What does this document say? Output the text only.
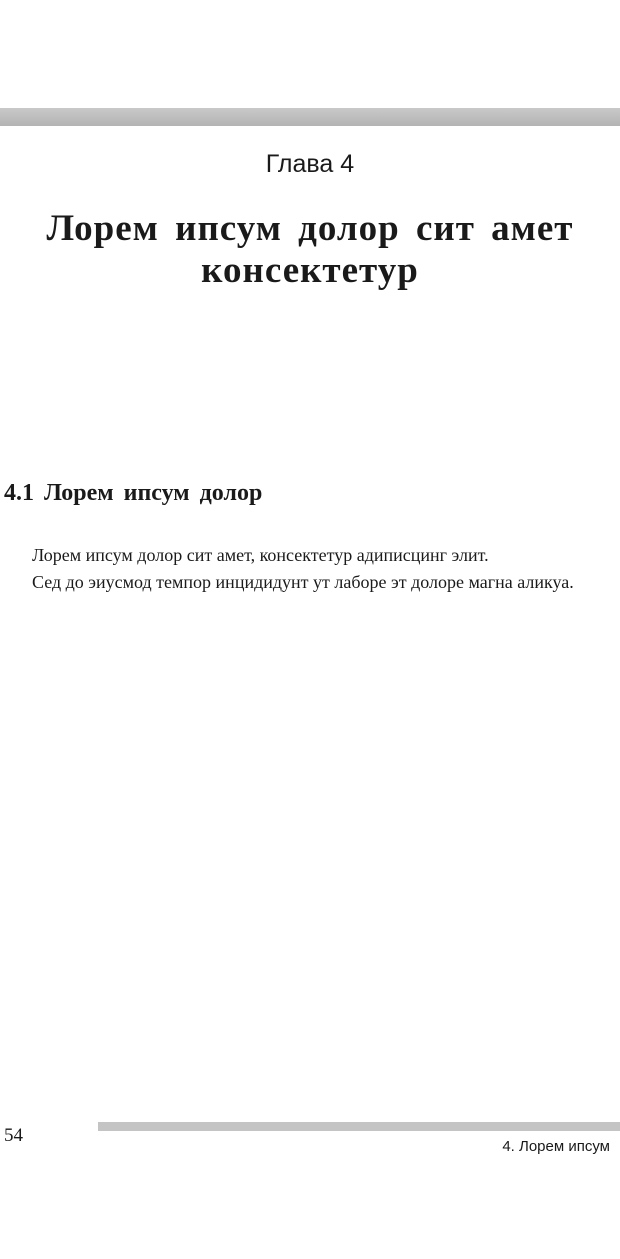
Глава 4
Лорем ипсум долор сит амет консектетур
4.1 Лорем ипсум долор

Лорем ипсум долор сит амет, консектетур адиписцинг элит.

Сед до эиусмод темпор инцидидунт ут лаборе эт долоре магна аликуа.

54
4. Лорем ипсум
